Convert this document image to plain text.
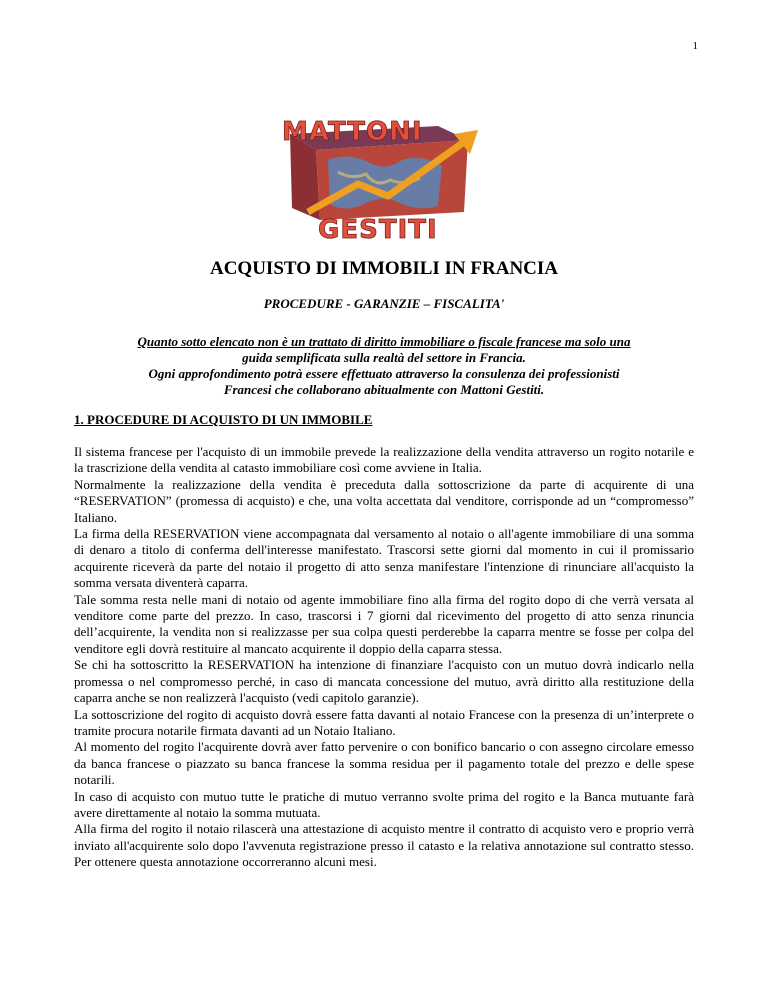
1
MATTONI
GESTITI
ACQUISTO DI IMMOBILI IN FRANCIA
PROCEDURE - GARANZIE – FISCALITA'
Quanto sotto elencato non è un trattato di diritto immobiliare o fiscale francese ma solo una
guida semplificata sulla realtà del settore in Francia.
Ogni approfondimento potrà essere effettuato attraverso la consulenza dei professionisti
Francesi che collaborano abitualmente con Mattoni Gestiti.
1. PROCEDURE DI ACQUISTO DI UN IMMOBILE

Il sistema francese per l'acquisto di un immobile prevede la realizzazione della vendita attraverso un rogito notarile e la trascrizione della vendita al catasto immobiliare così come avviene in Italia.

Normalmente la realizzazione della vendita è preceduta dalla sottoscrizione da parte di acquirente di una “RESERVATION” (promessa di acquisto) e che, una volta accettata dal venditore, corrisponde ad un “compromesso” Italiano.

La firma della RESERVATION viene accompagnata dal versamento al notaio o all'agente immobiliare di una somma di denaro a titolo di conferma dell'interesse manifestato. Trascorsi sette giorni dal momento in cui il promissario acquirente riceverà da parte del notaio il progetto di atto senza manifestare l'intenzione di rinunciare all'acquisto la somma versata diventerà caparra.

Tale somma resta nelle mani di notaio od agente immobiliare fino alla firma del rogito dopo di che verrà versata al venditore come parte del prezzo. In caso, trascorsi i 7 giorni dal ricevimento del progetto di atto senza rinuncia dell’acquirente, la vendita non si realizzasse per sua colpa questi perderebbe la caparra mentre se fosse per colpa del venditore egli dovrà restituire al mancato acquirente il doppio della caparra stessa.

Se chi ha sottoscritto la RESERVATION ha intenzione di finanziare l'acquisto con un mutuo dovrà indicarlo nella promessa o nel compromesso perché, in caso di mancata concessione del mutuo, avrà diritto alla restituzione della caparra anche se non realizzerà l'acquisto (vedi capitolo garanzie).

La sottoscrizione del rogito di acquisto dovrà essere fatta davanti al notaio Francese con la presenza di un’interprete o tramite procura notarile firmata davanti ad un Notaio Italiano.

Al momento del rogito l'acquirente dovrà aver fatto pervenire o con bonifico bancario o con assegno circolare emesso da banca francese o piazzato su banca francese la somma residua per il pagamento totale del prezzo e delle spese notarili.

In caso di acquisto con mutuo tutte le pratiche di mutuo verranno svolte prima del rogito e la Banca mutuante farà avere direttamente al notaio la somma mutuata.

Alla firma del rogito il notaio rilascerà una attestazione di acquisto mentre il contratto di acquisto vero e proprio verrà inviato all'acquirente solo dopo l'avvenuta registrazione presso il catasto e la relativa annotazione sul contratto stesso. Per ottenere questa annotazione occorreranno alcuni mesi.
